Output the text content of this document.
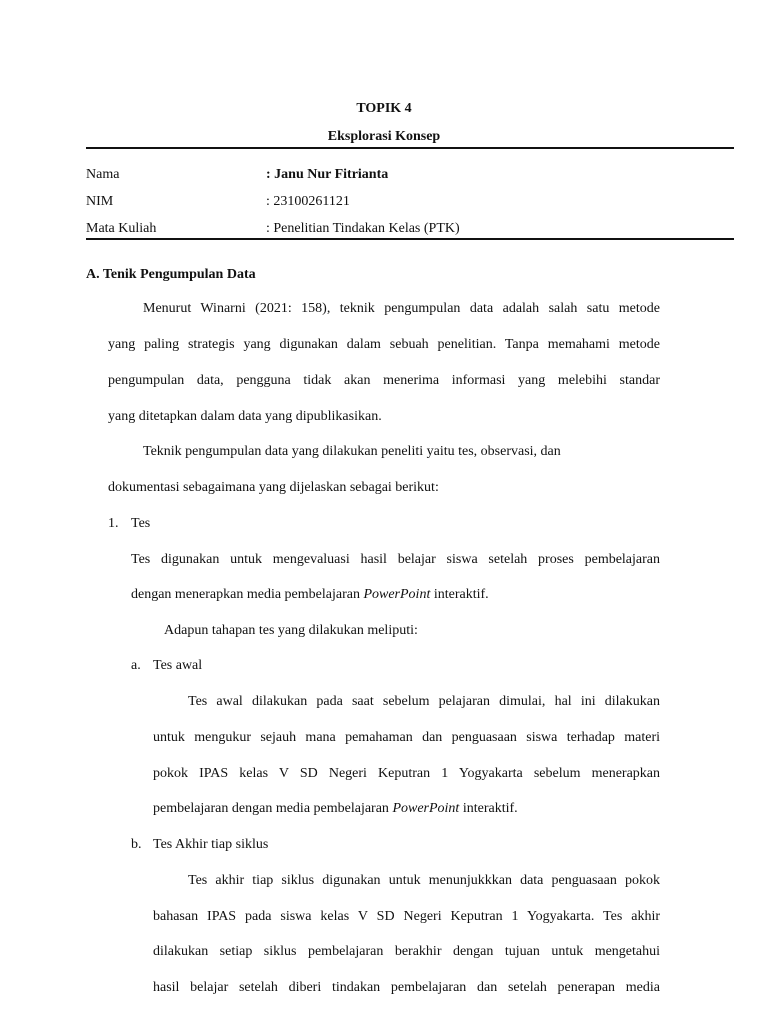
TOPIK 4
Eksplorasi Konsep
Nama	: Janu Nur Fitrianta
NIM	: 23100261121
Mata Kuliah	: Penelitian Tindakan Kelas (PTK)
A. Tenik Pengumpulan Data
Menurut Winarni (2021: 158), teknik pengumpulan data adalah salah satu metode
yang paling strategis yang digunakan dalam sebuah penelitian. Tanpa memahami metode
pengumpulan data, pengguna tidak akan menerima informasi yang melebihi standar
yang ditetapkan dalam data yang dipublikasikan.
Teknik pengumpulan data yang dilakukan peneliti yaitu tes, observasi, dan
dokumentasi sebagaimana yang dijelaskan sebagai berikut:
1. Tes
Tes digunakan untuk mengevaluasi hasil belajar siswa setelah proses pembelajaran
dengan menerapkan media pembelajaran PowerPoint interaktif.
Adapun tahapan tes yang dilakukan meliputi:
a. Tes awal
Tes awal dilakukan pada saat sebelum pelajaran dimulai, hal ini dilakukan
untuk mengukur sejauh mana pemahaman dan penguasaan siswa terhadap materi
pokok IPAS kelas V SD Negeri Keputran 1 Yogyakarta sebelum menerapkan
pembelajaran dengan media pembelajaran PowerPoint interaktif.
b. Tes Akhir tiap siklus
Tes akhir tiap siklus digunakan untuk menunjukkkan data penguasaan pokok
bahasan IPAS pada siswa kelas V SD Negeri Keputran 1 Yogyakarta. Tes akhir
dilakukan setiap siklus pembelajaran berakhir dengan tujuan untuk mengetahui
hasil belajar setelah diberi tindakan pembelajaran dan setelah penerapan media
